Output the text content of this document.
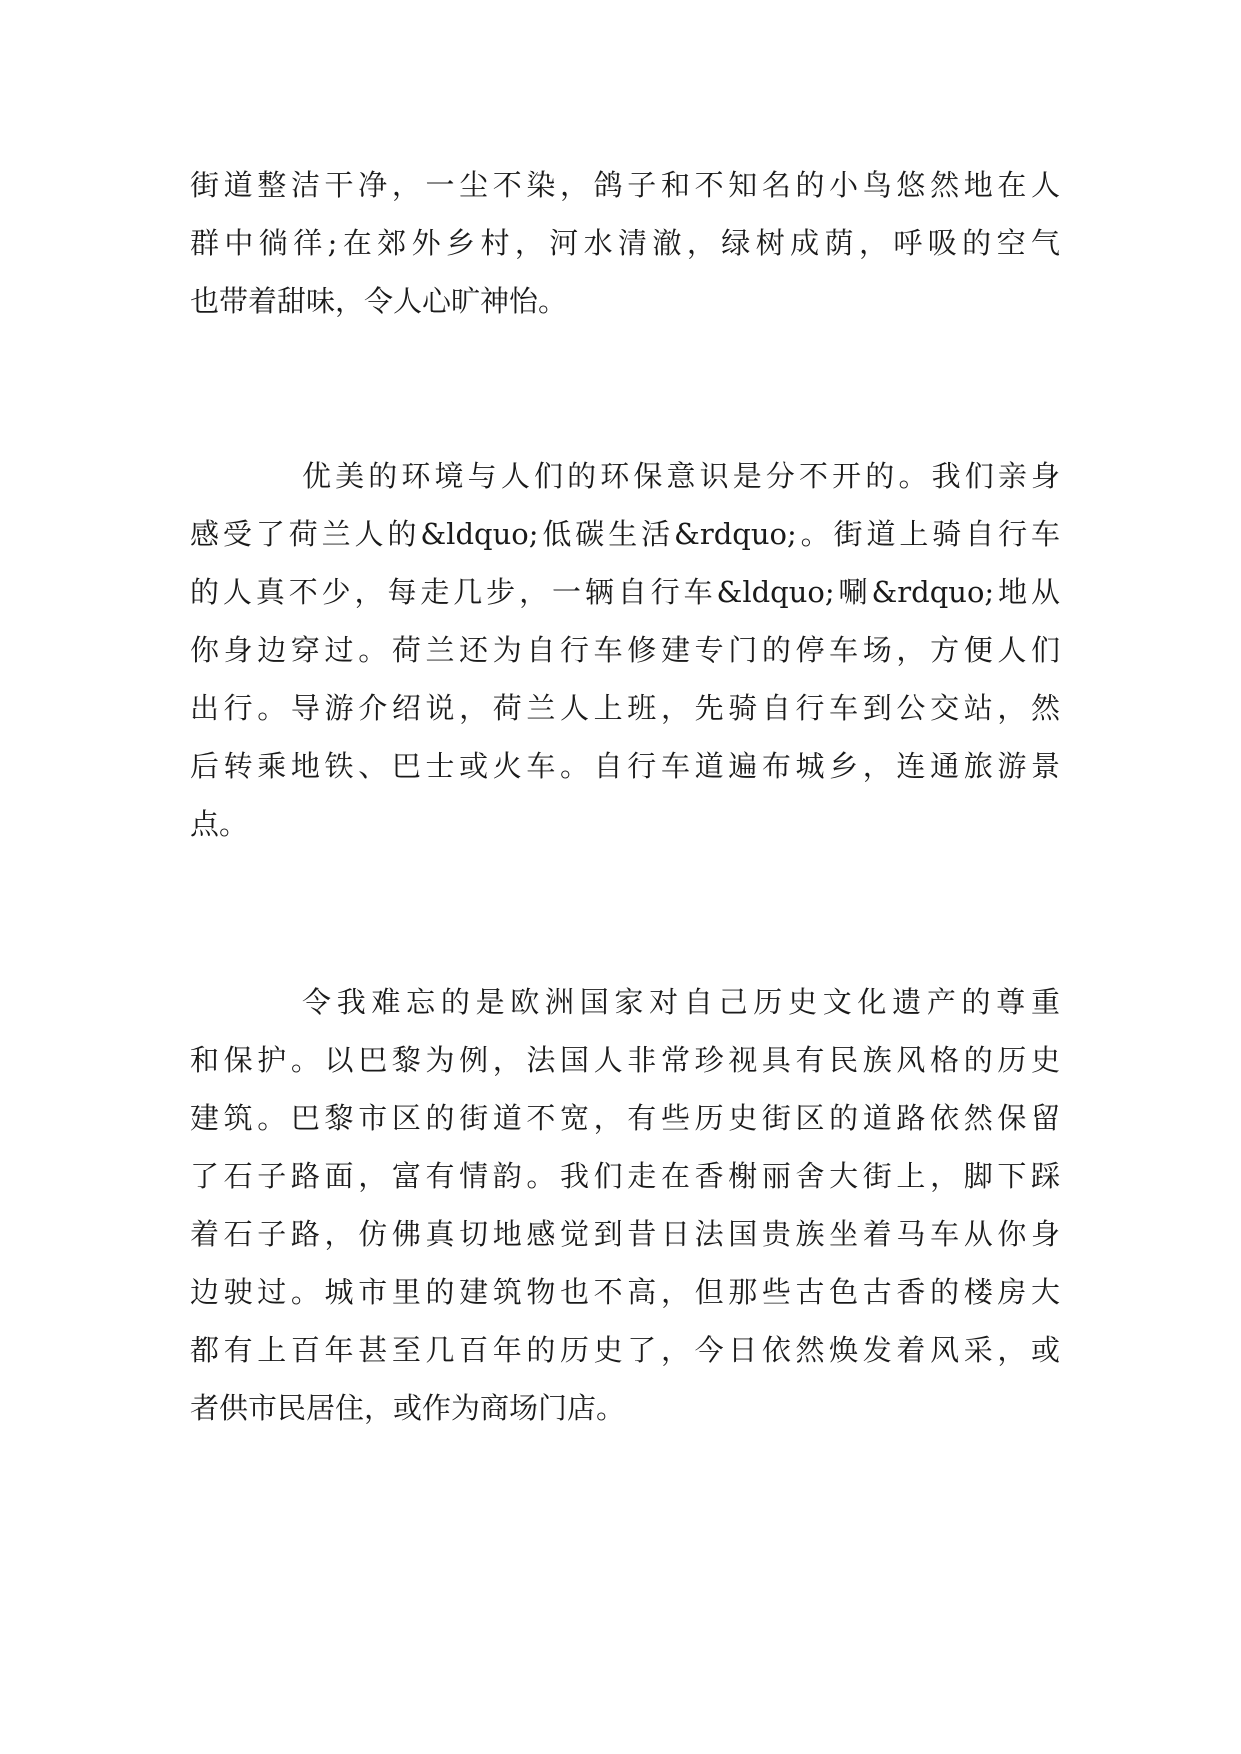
街道整洁干净，一尘不染，鸽子和不知名的小鸟悠然地在人
群中徜徉;在郊外乡村，河水清澈，绿树成荫，呼吸的空气
也带着甜味，令人心旷神怡。
优美的环境与人们的环保意识是分不开的。我们亲身
感受了荷兰人的&ldquo;低碳生活&rdquo;。街道上骑自行车
的人真不少，每走几步，一辆自行车&ldquo;唰&rdquo;地从
你身边穿过。荷兰还为自行车修建专门的停车场，方便人们
出行。导游介绍说，荷兰人上班，先骑自行车到公交站，然
后转乘地铁、巴士或火车。自行车道遍布城乡，连通旅游景
点。
令我难忘的是欧洲国家对自己历史文化遗产的尊重
和保护。以巴黎为例，法国人非常珍视具有民族风格的历史
建筑。巴黎市区的街道不宽，有些历史街区的道路依然保留
了石子路面，富有情韵。我们走在香榭丽舍大街上，脚下踩
着石子路，仿佛真切地感觉到昔日法国贵族坐着马车从你身
边驶过。城市里的建筑物也不高，但那些古色古香的楼房大
都有上百年甚至几百年的历史了，今日依然焕发着风采，或
者供市民居住，或作为商场门店。
